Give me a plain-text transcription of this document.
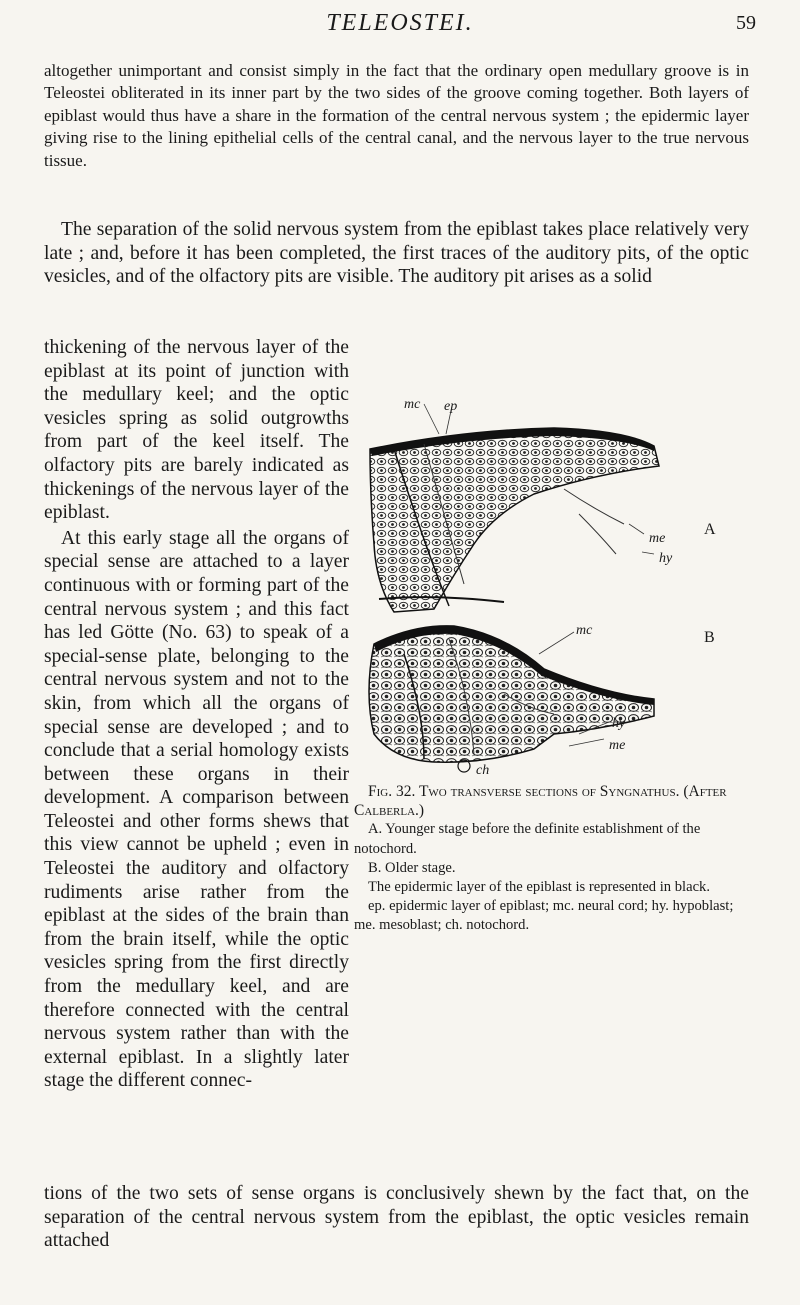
TELEOSTEI.	59

altogether unimportant and consist simply in the fact that the ordinary open medullary groove is in Teleostei obliterated in its inner part by the two sides of the groove coming together. Both layers of epiblast would thus have a share in the formation of the central nervous system ; the epidermic layer giving rise to the lining epithelial cells of the central canal, and the nervous layer to the true nervous tissue.

The separation of the solid nervous system from the epiblast takes place relatively very late ; and, before it has been completed, the first traces of the auditory pits, of the optic vesicles, and of the olfactory pits are visible. The auditory pit arises as a solid

thickening of the nervous layer of the epiblast at its point of junction with the medullary keel; and the optic vesicles spring as solid outgrowths from part of the keel itself. The olfactory pits are barely indicated as thickenings of the nervous layer of the epiblast.

At this early stage all the organs of special sense are attached to a layer continuous with or forming part of the central nervous system ; and this fact has led Götte (No. 63) to speak of a special-sense plate, belonging to the central nervous system and not to the skin, from which all the organs of special sense are developed ; and to conclude that a serial homology exists between these organs in their development. A comparison between Teleostei and other forms shews that this view cannot be upheld ; even in Teleostei the auditory and olfactory rudiments arise rather from the epiblast at the sides of the brain than from the brain itself, while the optic vesicles spring from the first directly from the medullary keel, and are therefore connected with the central nervous system rather than with the external epiblast. In a slightly later stage the different connec-

mc ep
me
hy
A
mc	B
hy
me
ch

Fig. 32. Two transverse sections of Syngnathus. (After Calberla.)

A. Younger stage before the definite establishment of the notochord.

B. Older stage.

The epidermic layer of the epiblast is represented in black.

ep. epidermic layer of epiblast; mc. neural cord; hy. hypoblast; me. mesoblast; ch. notochord.

tions of the two sets of sense organs is conclusively shewn by the fact that, on the separation of the central nervous system from the epiblast, the optic vesicles remain attached
